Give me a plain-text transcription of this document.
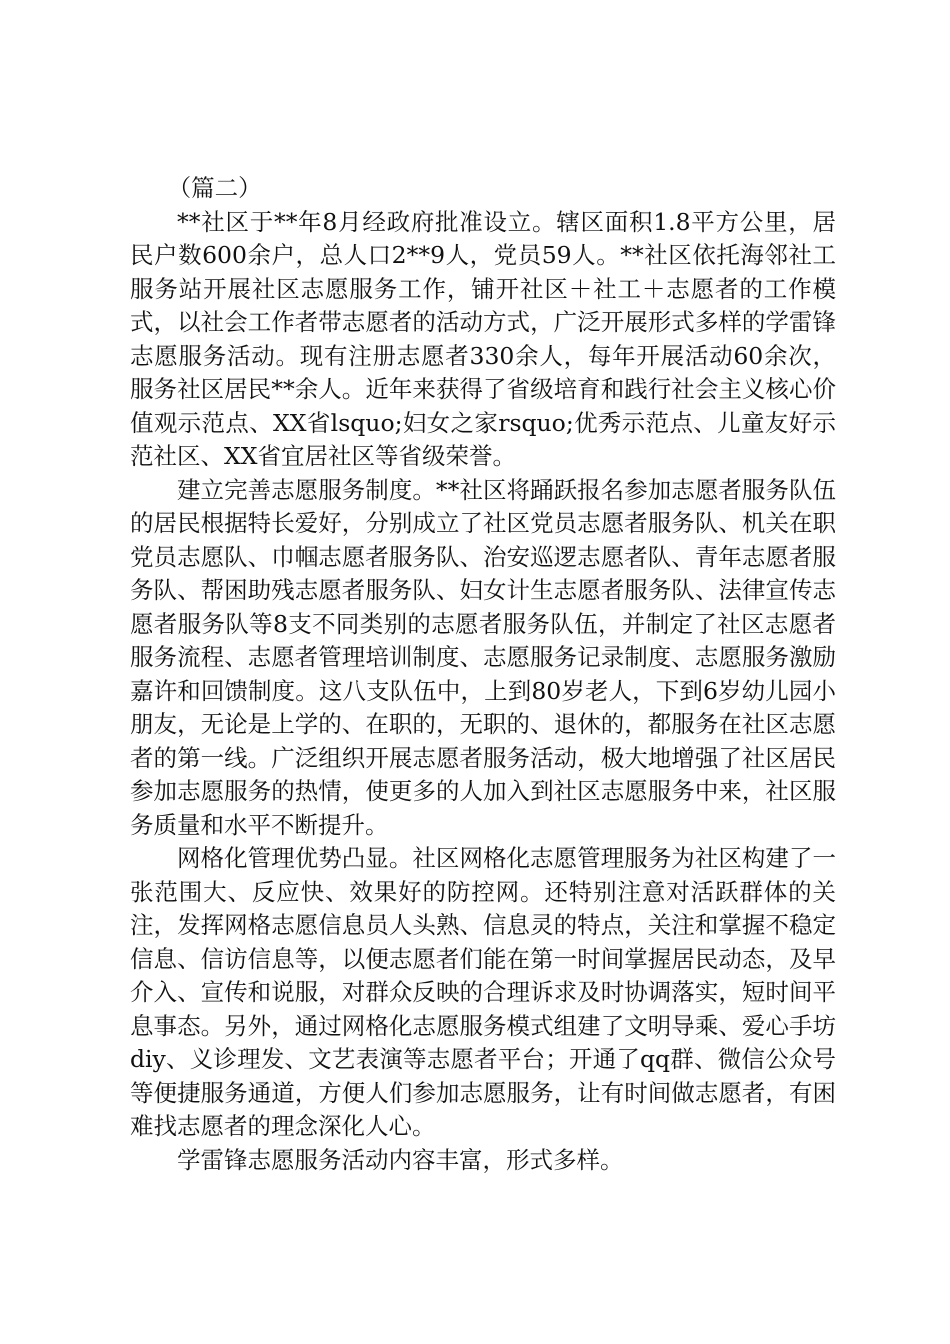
（篇二）

**社区于**年8月经政府批准设立。辖区面积1.8平方公里，居民户数600余户，总人口2**9人，党员59人。**社区依托海邻社工服务站开展社区志愿服务工作，铺开社区＋社工＋志愿者的工作模式，以社会工作者带志愿者的活动方式，广泛开展形式多样的学雷锋志愿服务活动。现有注册志愿者330余人，每年开展活动60余次，服务社区居民**余人。近年来获得了省级培育和践行社会主义核心价值观示范点、XX省lsquo;妇女之家rsquo;优秀示范点、儿童友好示范社区、XX省宜居社区等省级荣誉。

建立完善志愿服务制度。**社区将踊跃报名参加志愿者服务队伍的居民根据特长爱好，分别成立了社区党员志愿者服务队、机关在职党员志愿队、巾帼志愿者服务队、治安巡逻志愿者队、青年志愿者服务队、帮困助残志愿者服务队、妇女计生志愿者服务队、法律宣传志愿者服务队等8支不同类别的志愿者服务队伍，并制定了社区志愿者服务流程、志愿者管理培训制度、志愿服务记录制度、志愿服务激励嘉许和回馈制度。这八支队伍中，上到80岁老人，下到6岁幼儿园小朋友，无论是上学的、在职的，无职的、退休的，都服务在社区志愿者的第一线。广泛组织开展志愿者服务活动，极大地增强了社区居民参加志愿服务的热情，使更多的人加入到社区志愿服务中来，社区服务质量和水平不断提升。

网格化管理优势凸显。社区网格化志愿管理服务为社区构建了一张范围大、反应快、效果好的防控网。还特别注意对活跃群体的关注，发挥网格志愿信息员人头熟、信息灵的特点，关注和掌握不稳定信息、信访信息等，以便志愿者们能在第一时间掌握居民动态，及早介入、宣传和说服，对群众反映的合理诉求及时协调落实，短时间平息事态。另外，通过网格化志愿服务模式组建了文明导乘、爱心手坊diy、义诊理发、文艺表演等志愿者平台；开通了qq群、微信公众号等便捷服务通道，方便人们参加志愿服务，让有时间做志愿者，有困难找志愿者的理念深化人心。

学雷锋志愿服务活动内容丰富，形式多样。
